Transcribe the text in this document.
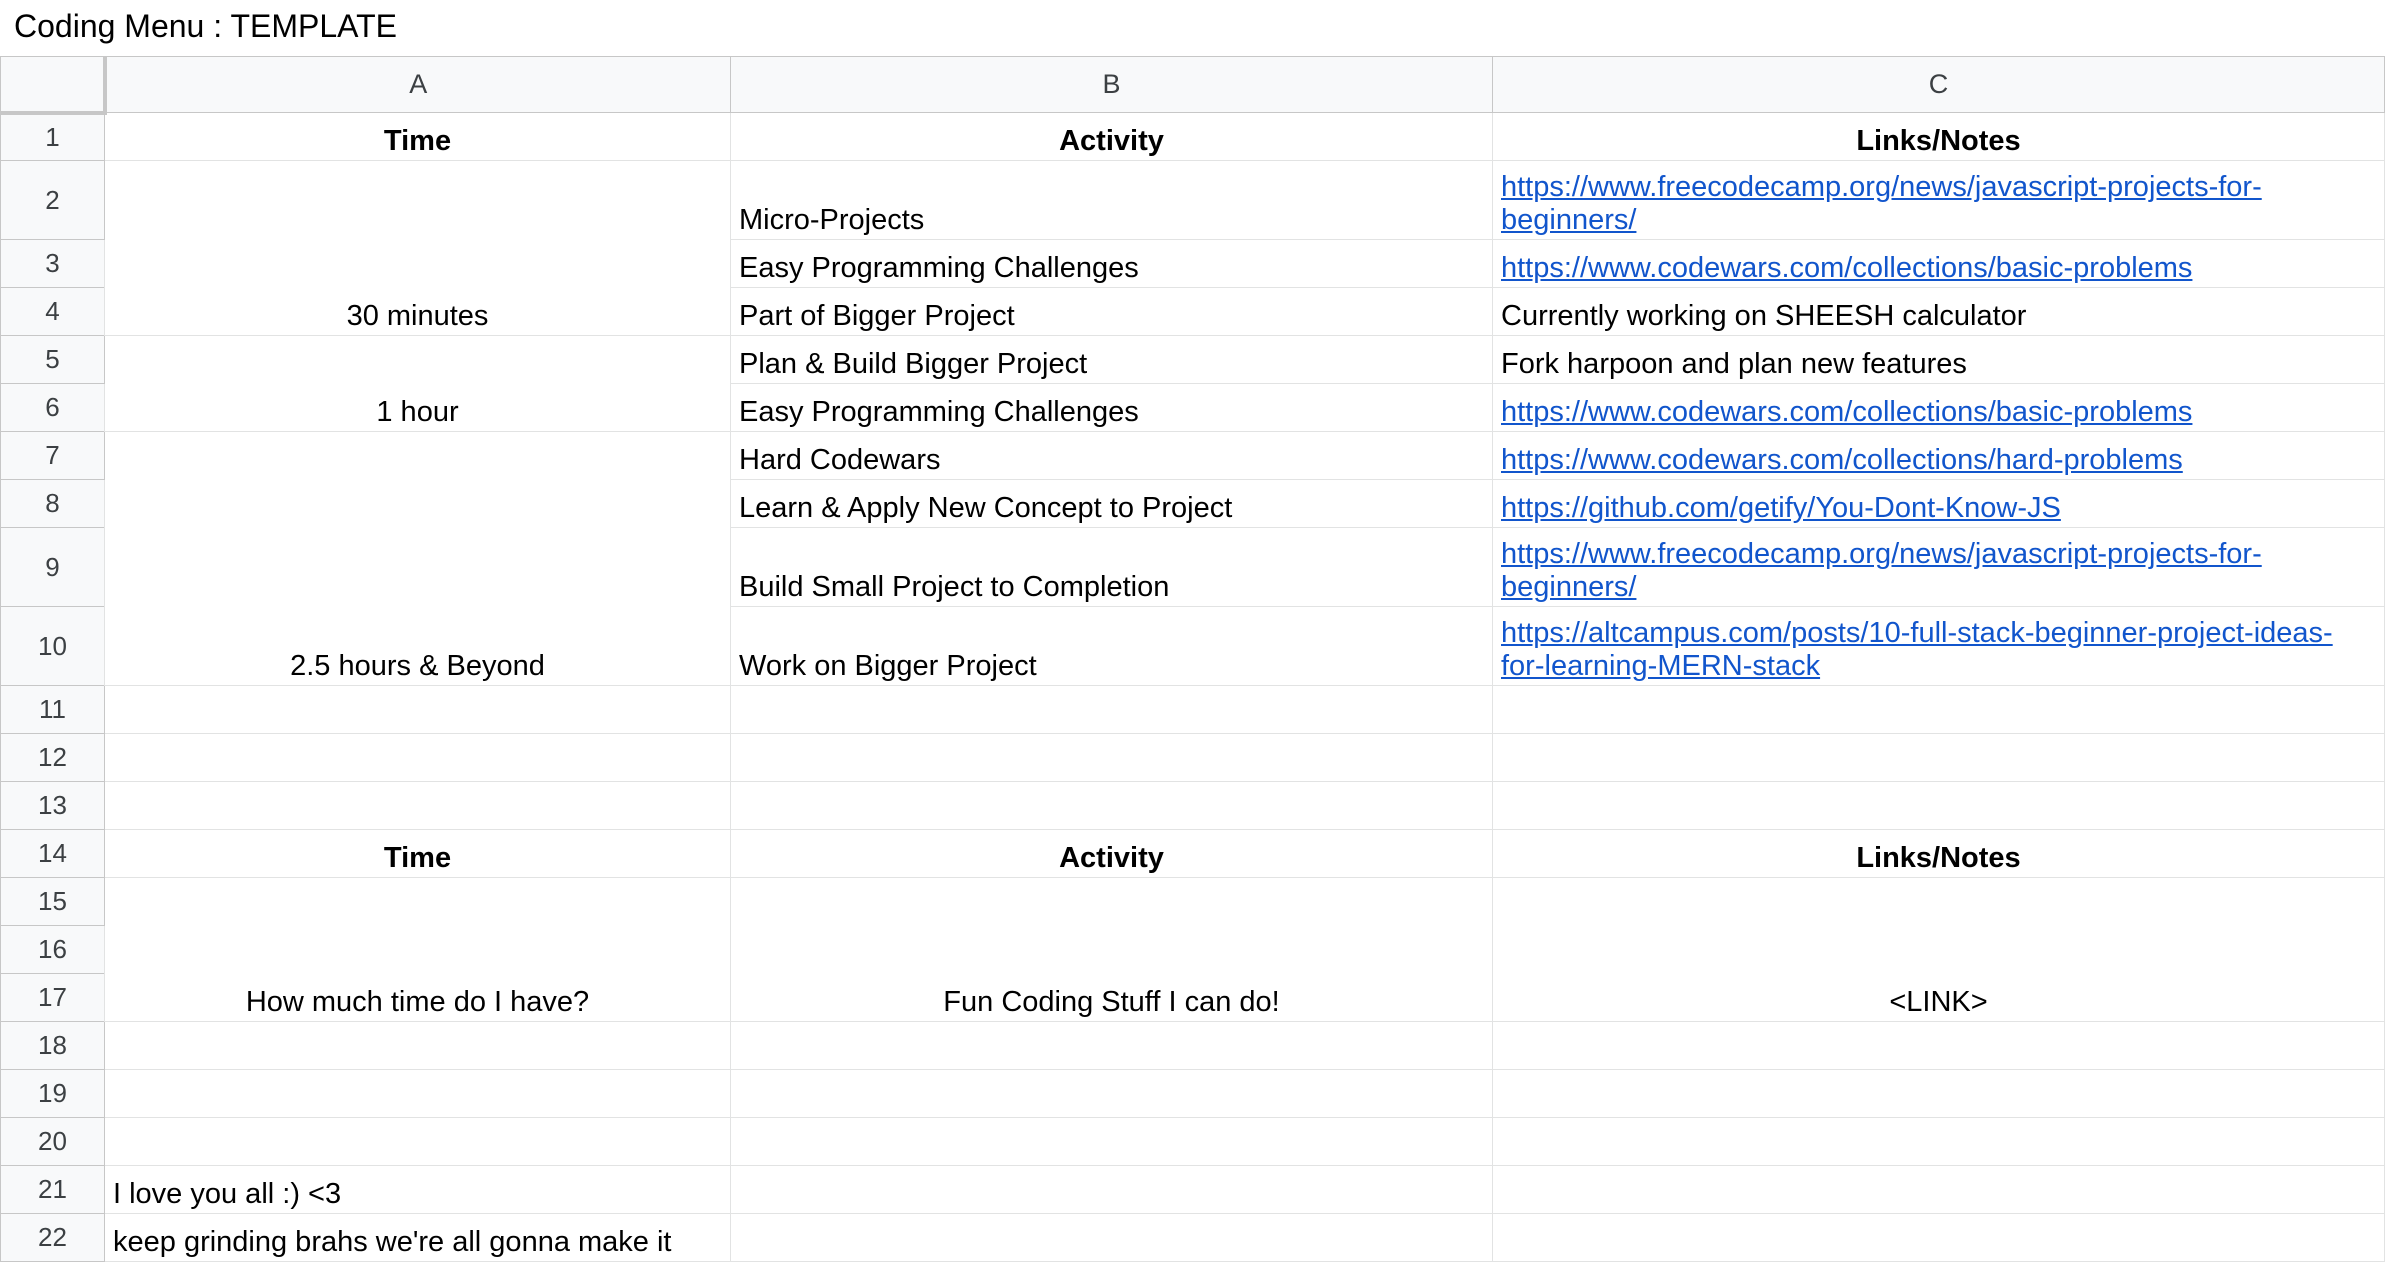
Coding Menu : TEMPLATE
	A	B	C
1	Time	Activity	Links/Notes
2	30 minutes	Micro-Projects	https://www.freecodecamp.org/news/javascript-projects-for-beginners/
3		Easy Programming Challenges	https://www.codewars.com/collections/basic-problems
4		Part of Bigger Project	Currently working on SHEESH calculator
5	1 hour	Plan & Build Bigger Project	Fork harpoon and plan new features
6		Easy Programming Challenges	https://www.codewars.com/collections/basic-problems
7	2.5 hours & Beyond	Hard Codewars	https://www.codewars.com/collections/hard-problems
8		Learn & Apply New Concept to Project	https://github.com/getify/You-Dont-Know-JS
9		Build Small Project to Completion	https://www.freecodecamp.org/news/javascript-projects-for-beginners/
10		Work on Bigger Project	https://altcampus.com/posts/10-full-stack-beginner-project-ideas-for-learning-MERN-stack
11			
12			
13			
14	Time	Activity	Links/Notes
15	How much time do I have?	Fun Coding Stuff I can do!	<LINK>
16			
17			
18			
19			
20			
21	I love you all :) <3		
22	keep grinding brahs we're all gonna make it		
